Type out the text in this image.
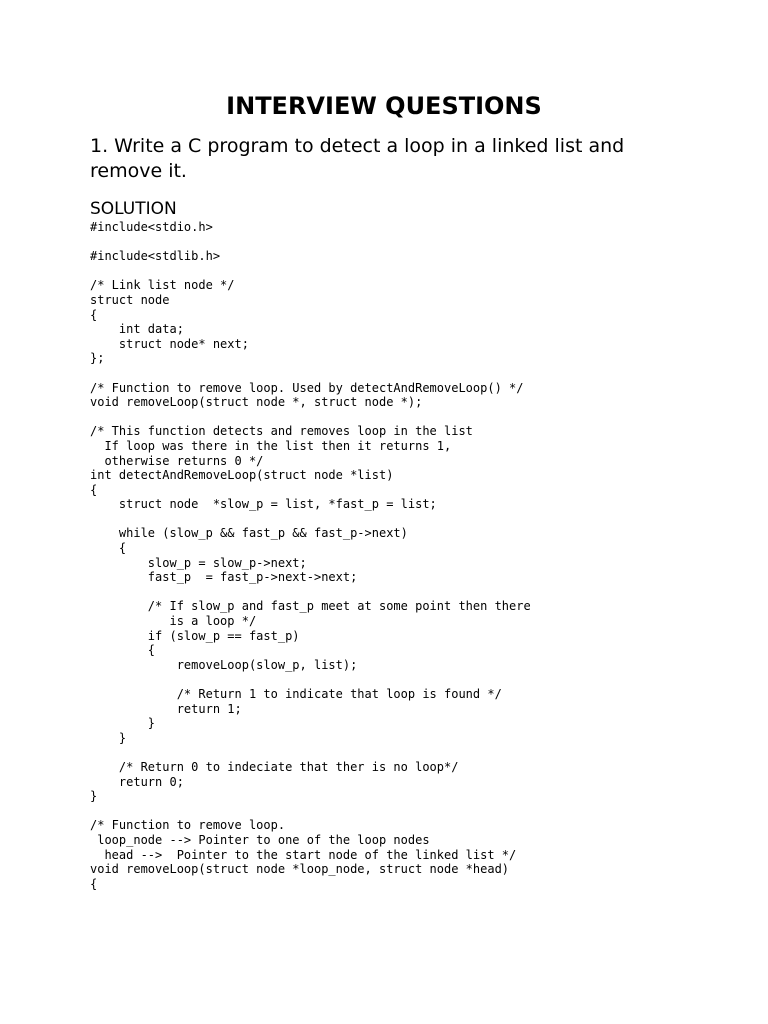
INTERVIEW QUESTIONS

1. Write a C program to detect a loop in a linked list and remove it.

SOLUTION

#include<stdio.h>
#include<stdlib.h>
/* Link list node */
struct node
{
int data;
struct node* next;
};
/* Function to remove loop. Used by detectAndRemoveLoop() */
void removeLoop(struct node *, struct node *);
/* This function detects and removes loop in the list
If loop was there in the list then it returns 1,
otherwise returns 0 */
int detectAndRemoveLoop(struct node *list)
{
struct node  *slow_p = list, *fast_p = list;
while (slow_p && fast_p && fast_p->next)
{
slow_p = slow_p->next;
fast_p  = fast_p->next->next;
/* If slow_p and fast_p meet at some point then there
is a loop */
if (slow_p == fast_p)
{
removeLoop(slow_p, list);
/* Return 1 to indicate that loop is found */
return 1;
}
}
/* Return 0 to indeciate that ther is no loop*/
return 0;
}
/* Function to remove loop.
loop_node --> Pointer to one of the loop nodes
head -->  Pointer to the start node of the linked list */
void removeLoop(struct node *loop_node, struct node *head)
{
